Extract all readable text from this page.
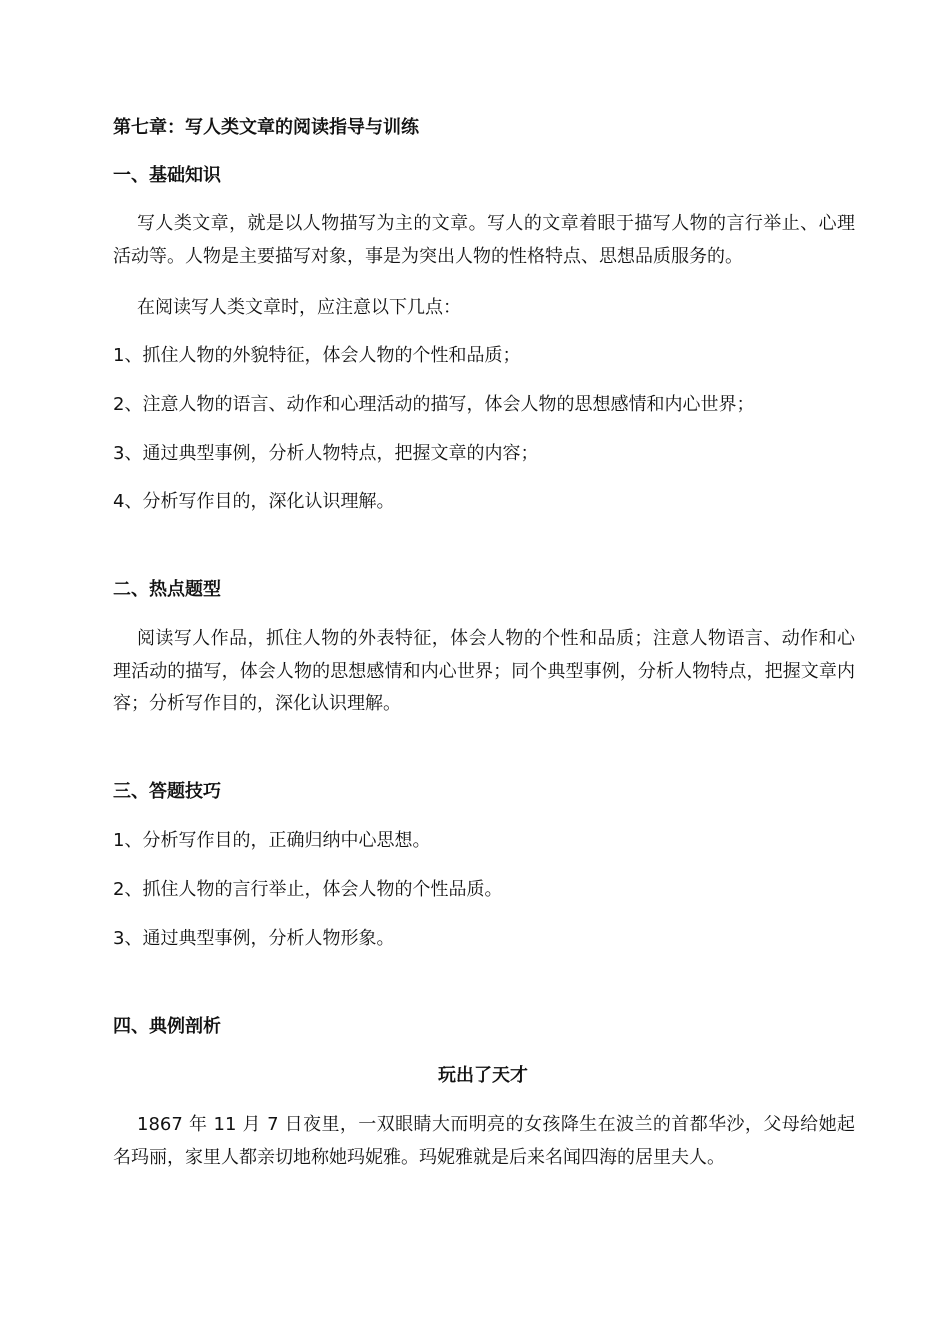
第七章：写人类文章的阅读指导与训练
一、基础知识
写人类文章，就是以人物描写为主的文章。写人的文章着眼于描写人物的言行举止、心理活动等。人物是主要描写对象，事是为突出人物的性格特点、思想品质服务的。
在阅读写人类文章时，应注意以下几点：
1、抓住人物的外貌特征，体会人物的个性和品质；
2、注意人物的语言、动作和心理活动的描写，体会人物的思想感情和内心世界；
3、通过典型事例，分析人物特点，把握文章的内容；
4、分析写作目的，深化认识理解。
二、热点题型
阅读写人作品，抓住人物的外表特征，体会人物的个性和品质；注意人物语言、动作和心理活动的描写，体会人物的思想感情和内心世界；同个典型事例，分析人物特点，把握文章内容；分析写作目的，深化认识理解。
三、答题技巧
1、分析写作目的，正确归纳中心思想。
2、抓住人物的言行举止，体会人物的个性品质。
3、通过典型事例，分析人物形象。
四、典例剖析
玩出了天才
1867 年 11 月 7 日夜里，一双眼睛大而明亮的女孩降生在波兰的首都华沙，父母给她起名玛丽，家里人都亲切地称她玛妮雅。玛妮雅就是后来名闻四海的居里夫人。
